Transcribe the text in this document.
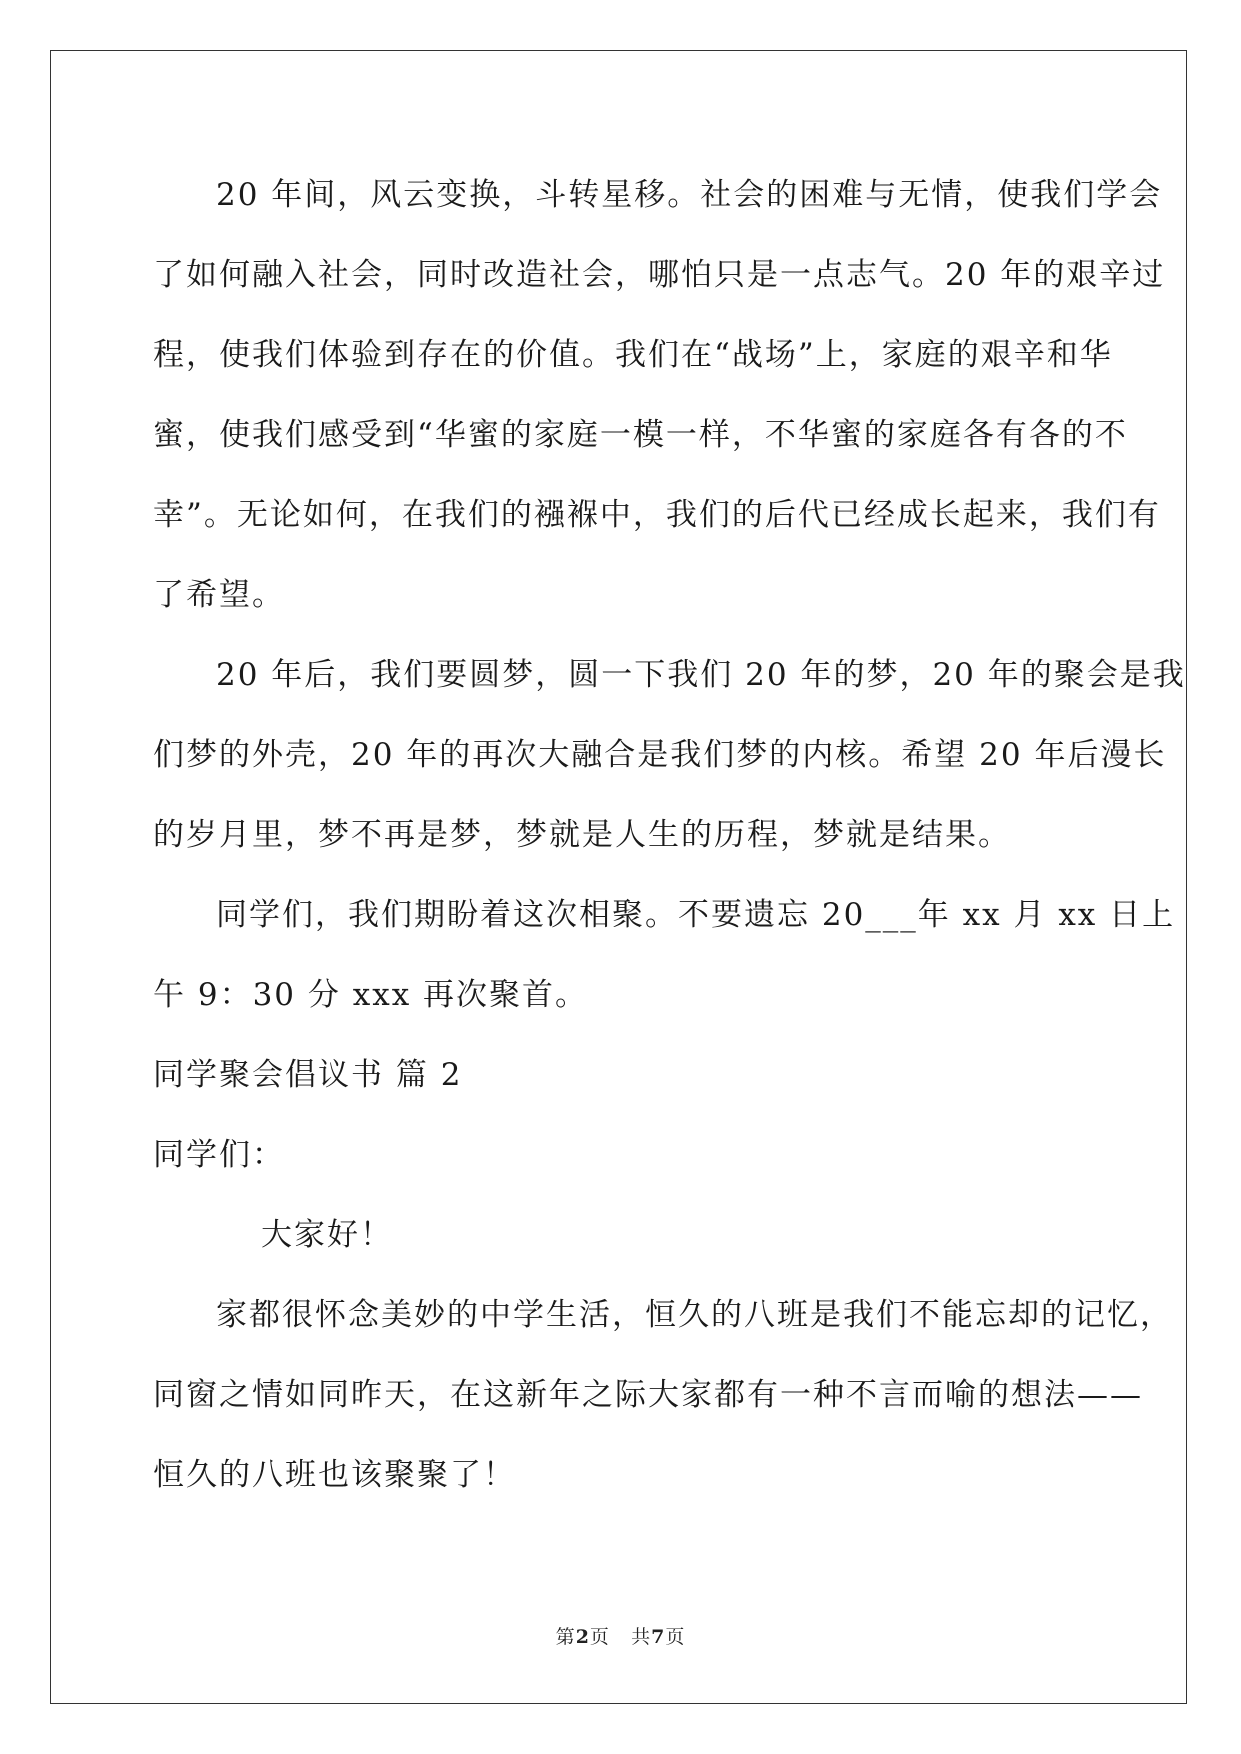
20 年间，风云变换，斗转星移。社会的困难与无情，使我们学会
了如何融入社会，同时改造社会，哪怕只是一点志气。20 年的艰辛过
程，使我们体验到存在的价值。我们在“战场”上，家庭的艰辛和华
蜜，使我们感受到“华蜜的家庭一模一样，不华蜜的家庭各有各的不
幸”。无论如何，在我们的襁褓中，我们的后代已经成长起来，我们有
了希望。

20 年后，我们要圆梦，圆一下我们 20 年的梦，20 年的聚会是我
们梦的外壳，20 年的再次大融合是我们梦的内核。希望 20 年后漫长
的岁月里，梦不再是梦，梦就是人生的历程，梦就是结果。

同学们，我们期盼着这次相聚。不要遗忘 20___年 xx 月 xx 日上
午 9：30 分 xxx 再次聚首。

同学聚会倡议书 篇 2

同学们：

大家好！

家都很怀念美妙的中学生活，恒久的八班是我们不能忘却的记忆，
同窗之情如同昨天，在这新年之际大家都有一种不言而喻的想法——
恒久的八班也该聚聚了！

第2页 共7页
